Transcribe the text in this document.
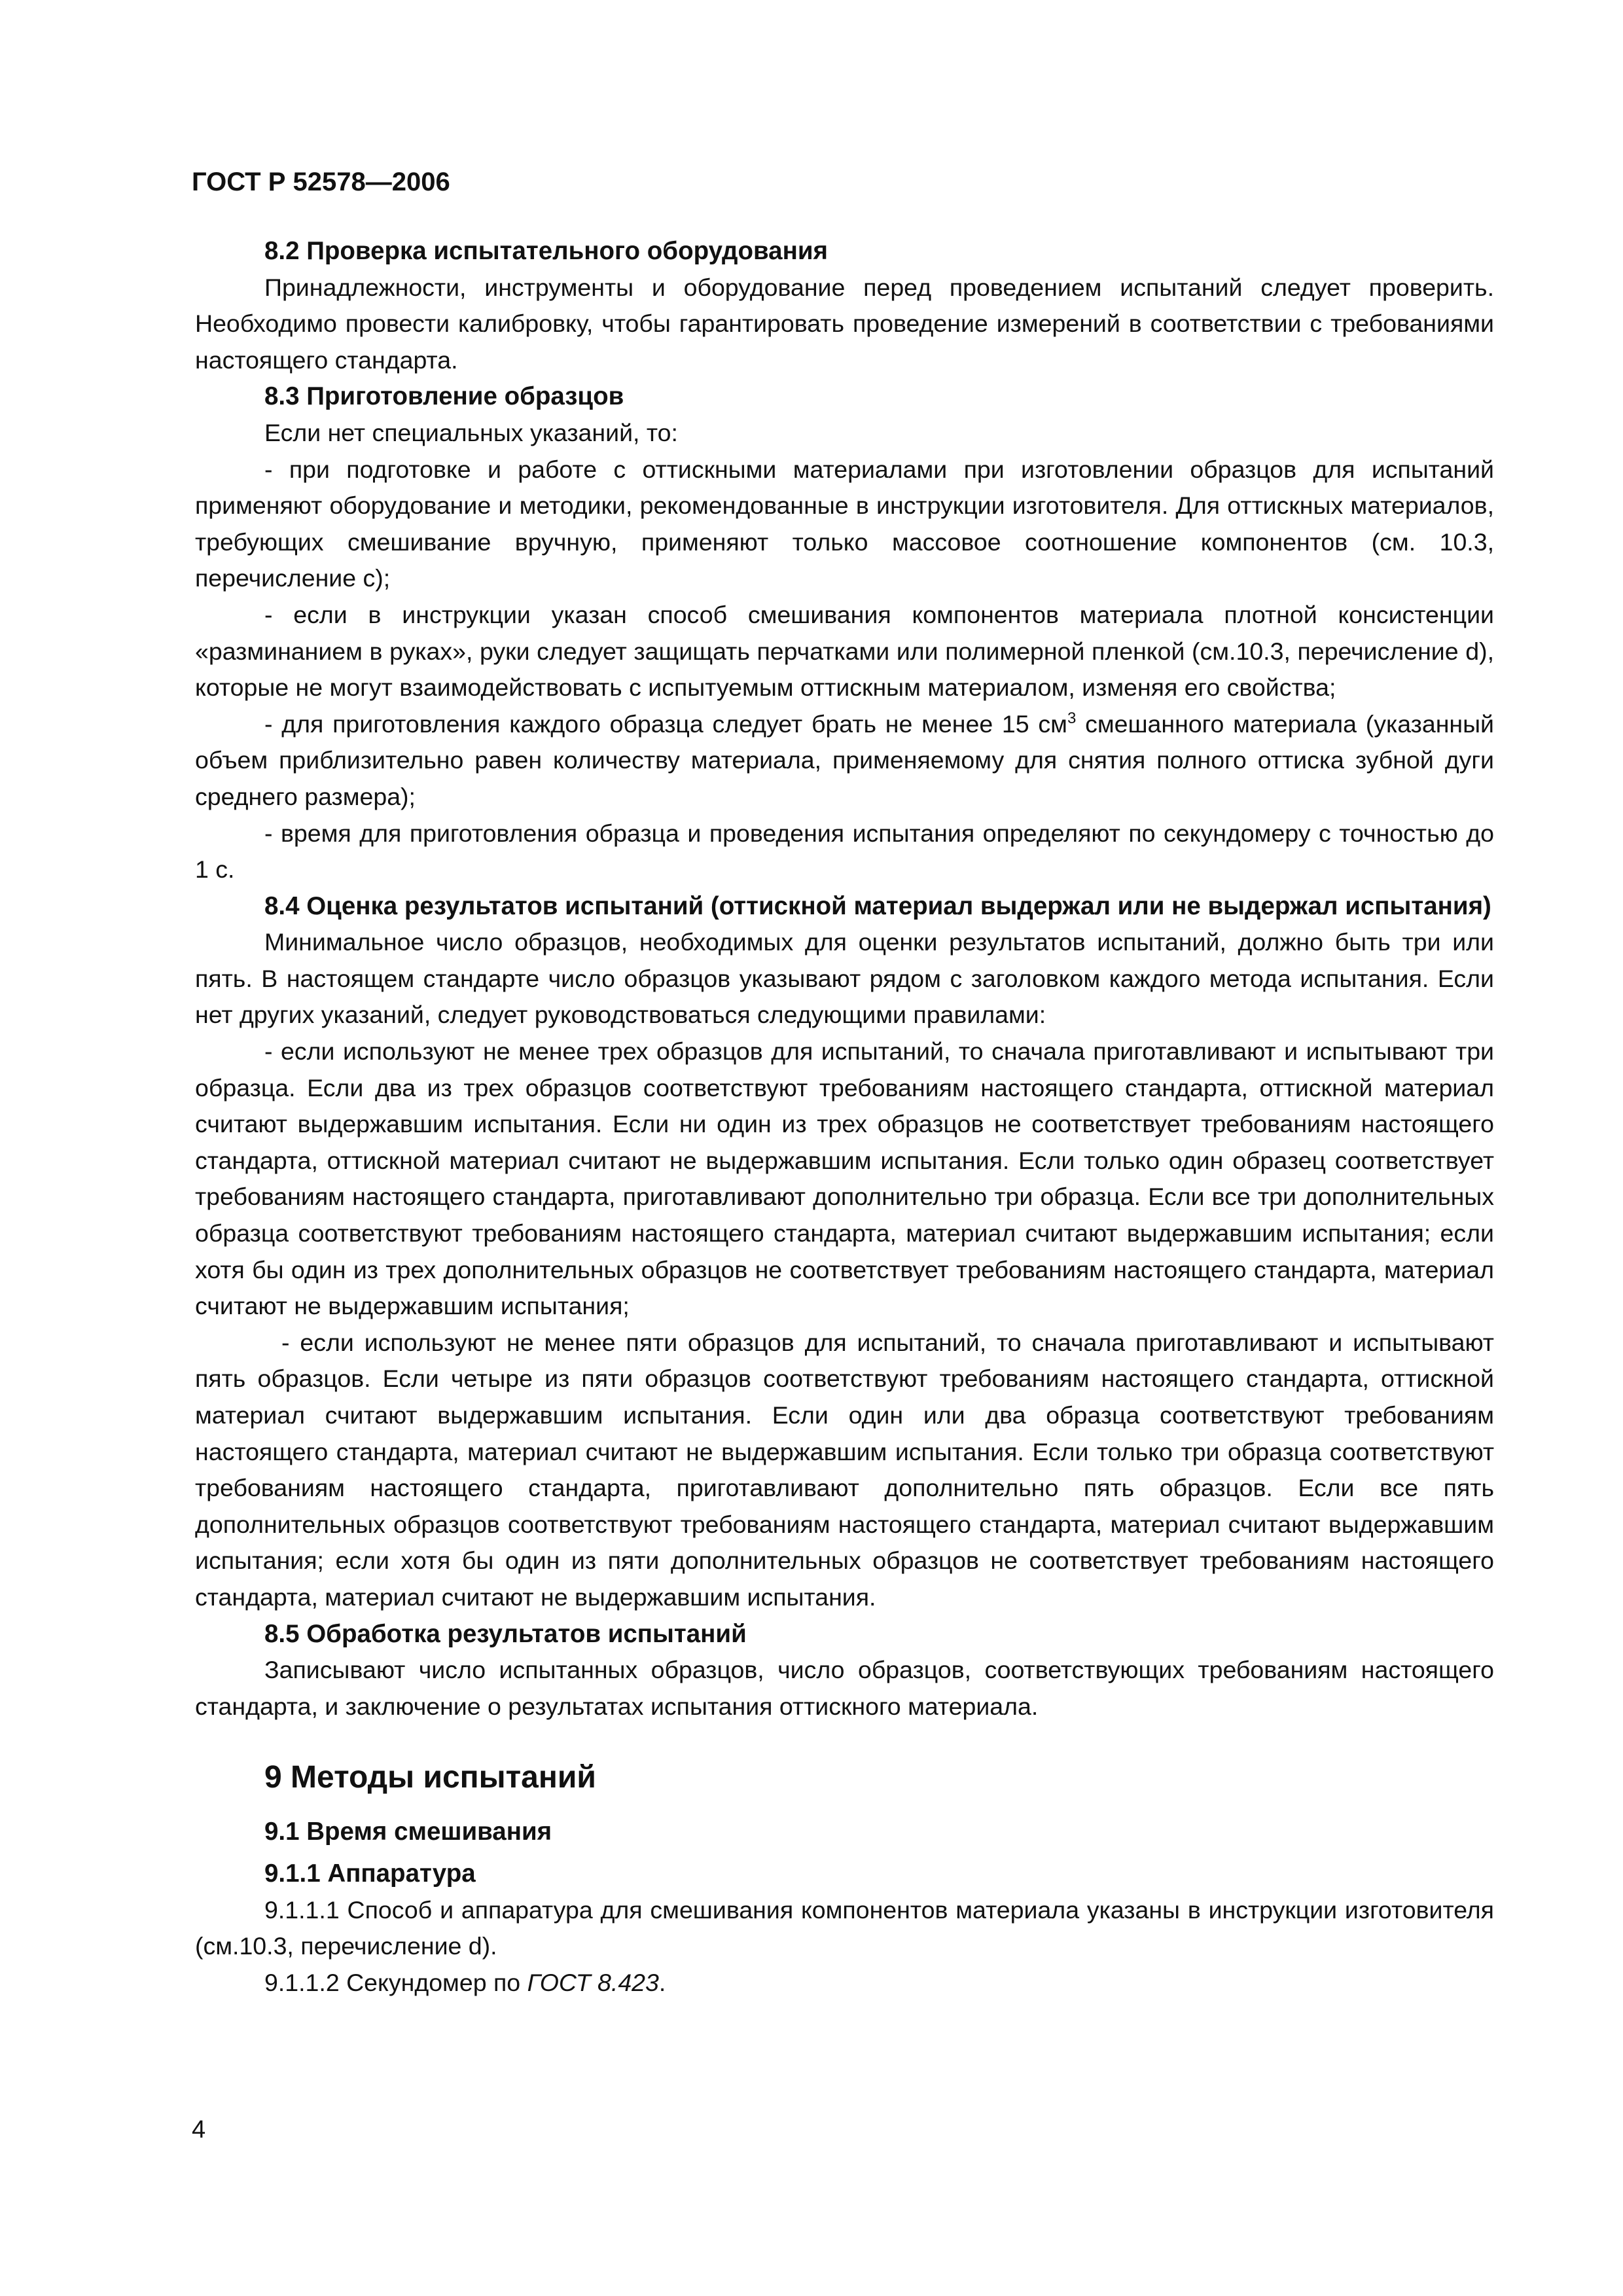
ГОСТ Р 52578—2006

8.2 Проверка испытательного оборудования

Принадлежности, инструменты и оборудование перед проведением испытаний следует проверить. Необходимо провести калибровку, чтобы гарантировать проведение измерений в соответствии с требованиями настоящего стандарта.

8.3 Приготовление образцов

Если нет специальных указаний, то:

- при подготовке и работе с оттискными материалами при изготовлении образцов для испытаний применяют оборудование и методики, рекомендованные в инструкции изготовителя. Для оттискных материалов, требующих смешивание вручную, применяют только массовое соотношение компонентов (см. 10.3, перечисление с);

- если в инструкции указан способ смешивания компонентов материала плотной консистенции «разминанием в руках», руки следует защищать перчатками или полимерной пленкой (см.10.3, перечисление d), которые не могут взаимодействовать с испытуемым оттискным материалом, изменяя его свойства;

- для приготовления каждого образца следует брать не менее 15 $см^3$ смешанного материала (указанный объем приблизительно равен количеству материала, применяемому для снятия полного оттиска зубной дуги среднего размера);

- время для приготовления образца и проведения испытания определяют по секундомеру с точностью до 1 с.

8.4 Оценка результатов испытаний (оттискной материал выдержал или не выдержал испытания)

Минимальное число образцов, необходимых для оценки результатов испытаний, должно быть три или пять. В настоящем стандарте число образцов указывают рядом с заголовком каждого метода испытания. Если нет других указаний, следует руководствоваться следующими правилами:

- если используют не менее трех образцов для испытаний, то сначала приготавливают и испытывают три образца. Если два из трех образцов соответствуют требованиям настоящего стандарта, оттискной материал считают выдержавшим испытания. Если ни один из трех образцов не соответствует требованиям настоящего стандарта, оттискной материал считают не выдержавшим испытания. Если только один образец соответствует требованиям настоящего стандарта, приготавливают дополнительно три образца. Если все три дополнительных образца соответствуют требованиям настоящего стандарта, материал считают выдержавшим испытания; если хотя бы один из трех дополнительных образцов не соответствует требованиям настоящего стандарта, материал считают не выдержавшим испытания;

- если используют не менее пяти образцов для испытаний, то сначала приготавливают и испытывают пять образцов. Если четыре из пяти образцов соответствуют требованиям настоящего стандарта, оттискной материал считают выдержавшим испытания. Если один или два образца соответствуют требованиям настоящего стандарта, материал считают не выдержавшим испытания. Если только три образца соответствуют требованиям настоящего стандарта, приготавливают дополнительно пять образцов. Если все пять дополнительных образцов соответствуют требованиям настоящего стандарта, материал считают выдержавшим испытания; если хотя бы один из пяти дополнительных образцов не соответствует требованиям настоящего стандарта, материал считают не выдержавшим испытания.

8.5 Обработка результатов испытаний

Записывают число испытанных образцов, число образцов, соответствующих требованиям настоящего стандарта, и заключение о результатах испытания оттискного материала.

9 Методы испытаний

9.1 Время смешивания

9.1.1 Аппаратура

9.1.1.1 Способ и аппаратура для смешивания компонентов материала указаны в инструкции изготовителя (см.10.3, перечисление d).

9.1.1.2 Секундомер по ГОСТ 8.423.

4
